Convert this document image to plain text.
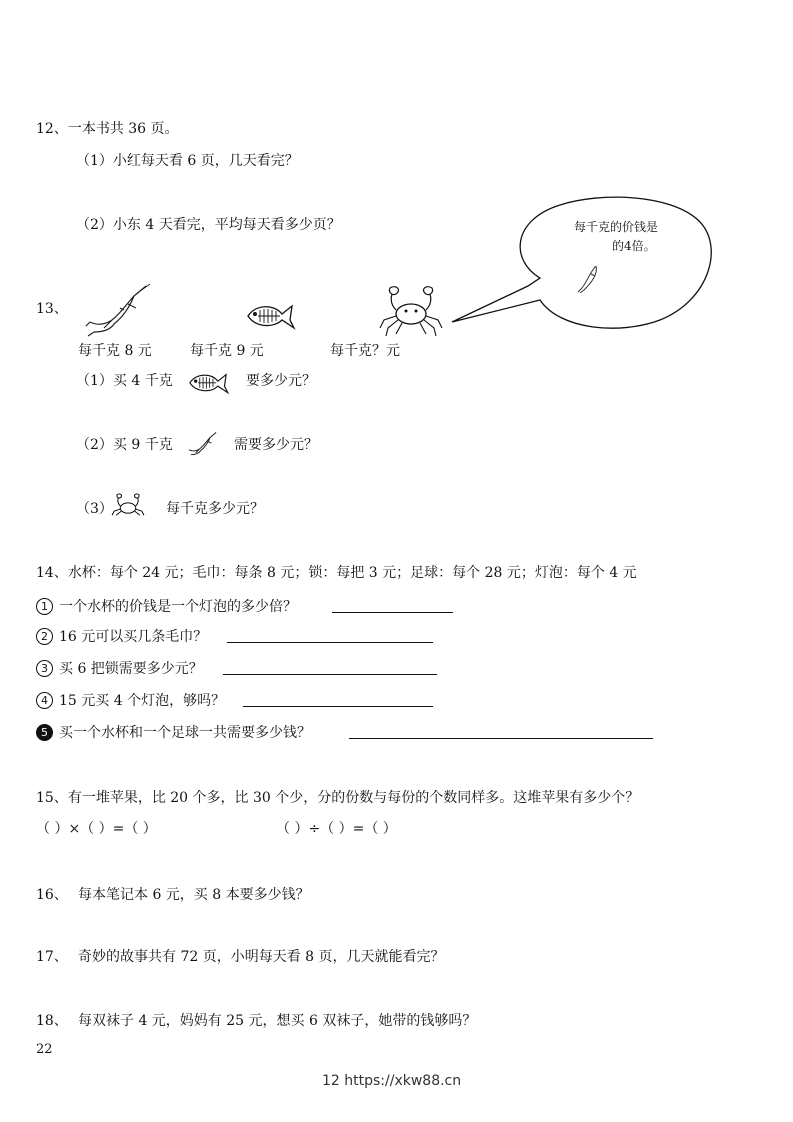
12、一本书共 36 页。
（1）小红每天看 6 页，几天看完？
（2）小东 4 天看完，平均每天看多少页？	每千克的价钱是
的4倍。
13、
每千克 8 元	每千克 9 元	每千克？元
（1）买 4 千克	要多少元？
（2）买 9 千克	需要多少元？
（3）	每千克多少元？
14、水杯：每个 24 元；毛巾：每条 8 元；锁：每把 3 元；足球：每个 28 元；灯泡：每个 4 元
1 一个水杯的价钱是一个灯泡的多少倍？
2 16 元可以买几条毛巾？
3 买 6 把锁需要多少元？
4 15 元买 4 个灯泡，够吗？
5 买一个水杯和一个足球一共需要多少钱？
15、有一堆苹果，比 20 个多，比 30 个少，分的份数与每份的个数同样多。这堆苹果有多少个？
（ ）×（ ）=（ ）	（ ）÷（ ）=（ ）
16、 每本笔记本 6 元，买 8 本要多少钱？
17、 奇妙的故事共有 72 页，小明每天看 8 页，几天就能看完？
18、 每双袜子 4 元，妈妈有 25 元，想买 6 双袜子，她带的钱够吗？
22
12 https://xkw88.cn
